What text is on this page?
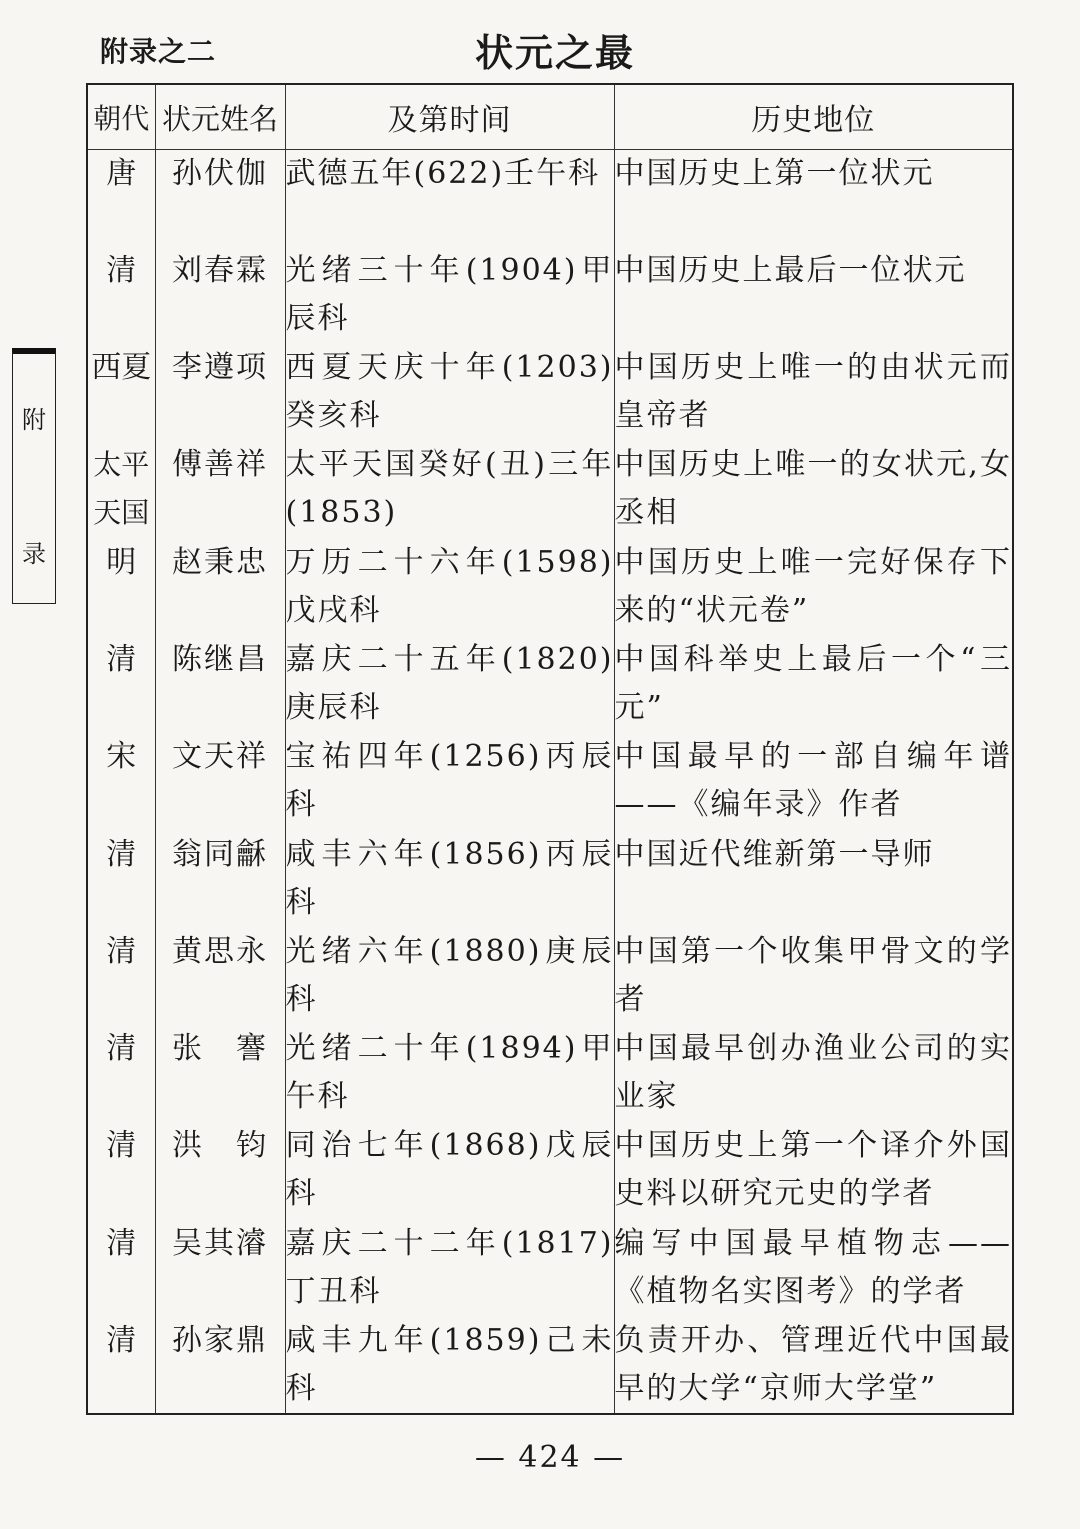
附录之二	状元之最
附
录
朝代	状元姓名	及第时间	历史地位
唐	孙伏伽	武德五年(622)壬午科	中国历史上第一位状元
清	刘春霖	光绪三十年(1904)甲辰科	中国历史上最后一位状元
西夏	李遵项	西夏天庆十年(1203)癸亥科	中国历史上唯一的由状元而皇帝者
太平天国	傅善祥	太平天国癸好(丑)三年(1853)	中国历史上唯一的女状元,女丞相
明	赵秉忠	万历二十六年(1598)戊戌科	中国历史上唯一完好保存下来的“状元卷”
清	陈继昌	嘉庆二十五年(1820)庚辰科	中国科举史上最后一个“三元”
宋	文天祥	宝祐四年(1256)丙辰科	中国最早的一部自编年谱——《编年录》作者
清	翁同龢	咸丰六年(1856)丙辰科	中国近代维新第一导师
清	黄思永	光绪六年(1880)庚辰科	中国第一个收集甲骨文的学者
清	张　謇	光绪二十年(1894)甲午科	中国最早创办渔业公司的实业家
清	洪　钧	同治七年(1868)戊辰科	中国历史上第一个译介外国史料以研究元史的学者
清	吴其濬	嘉庆二十二年(1817)丁丑科	编写中国最早植物志——《植物名实图考》的学者
清	孙家鼎	咸丰九年(1859)己未科	负责开办、管理近代中国最早的大学“京师大学堂”
— 424 —
